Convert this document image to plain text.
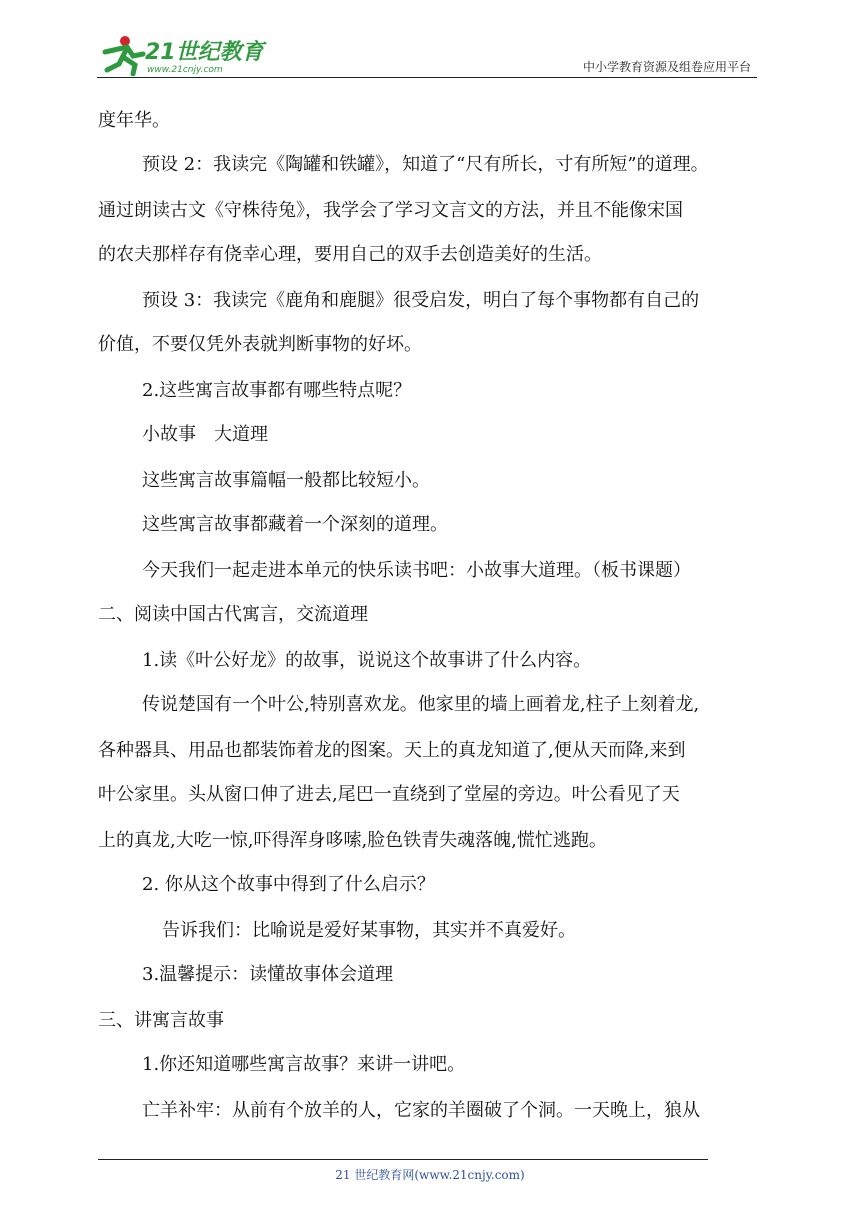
21世纪教育
www.21cnjy.com	中小学教育资源及组卷应用平台
度年华。
预设 2：我读完《陶罐和铁罐》，知道了“尺有所长，寸有所短”的道理。
通过朗读古文《守株待兔》，我学会了学习文言文的方法，并且不能像宋国
的农夫那样存有侥幸心理，要用自己的双手去创造美好的生活。
预设 3：我读完《鹿角和鹿腿》很受启发，明白了每个事物都有自己的
价值，不要仅凭外表就判断事物的好坏。
2.这些寓言故事都有哪些特点呢？
小故事　大道理
这些寓言故事篇幅一般都比较短小。
这些寓言故事都藏着一个深刻的道理。
今天我们一起走进本单元的快乐读书吧：小故事大道理。（板书课题）
二、阅读中国古代寓言，交流道理
1.读《叶公好龙》的故事，说说这个故事讲了什么内容。
传说楚国有一个叶公,特别喜欢龙。他家里的墙上画着龙,柱子上刻着龙,
各种器具、用品也都装饰着龙的图案。天上的真龙知道了,便从天而降,来到
叶公家里。头从窗口伸了进去,尾巴一直绕到了堂屋的旁边。叶公看见了天
上的真龙,大吃一惊,吓得浑身哆嗦,脸色铁青失魂落魄,慌忙逃跑。
2. 你从这个故事中得到了什么启示？
告诉我们：比喻说是爱好某事物，其实并不真爱好。
3.温馨提示：读懂故事体会道理
三、讲寓言故事
1.你还知道哪些寓言故事？来讲一讲吧。
亡羊补牢：从前有个放羊的人，它家的羊圈破了个洞。一天晚上，狼从
21 世纪教育网(www.21cnjy.com)
